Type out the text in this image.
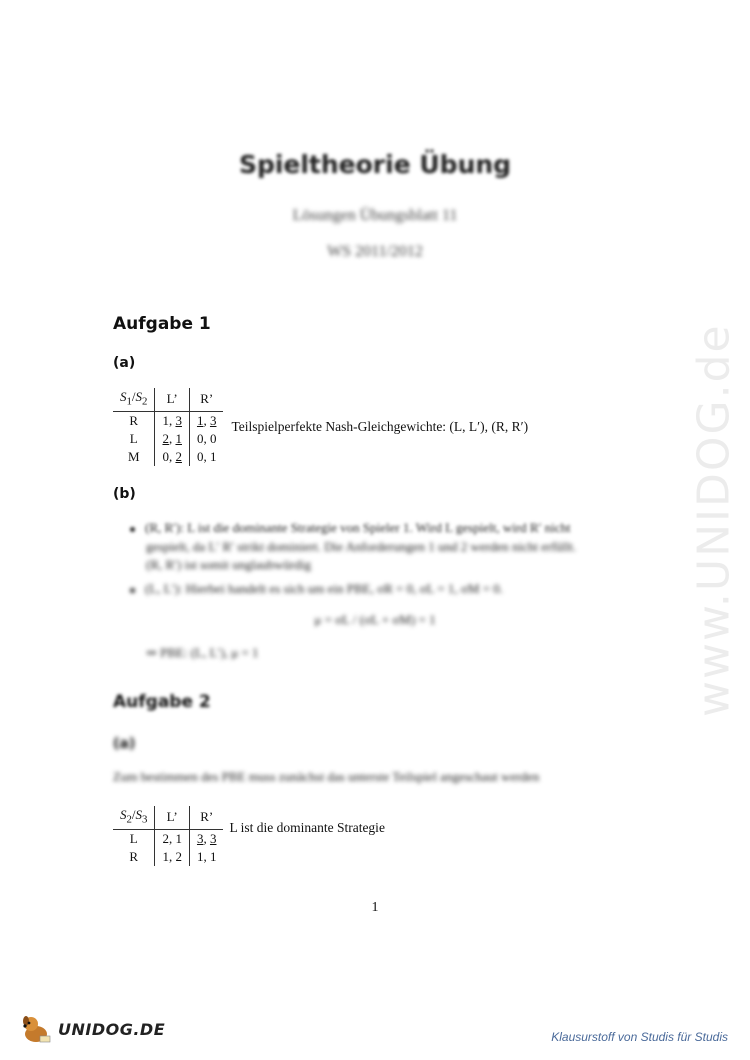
www.UNIDOG.de
Spieltheorie Übung
Lösungen Übungsblatt 11
WS 2011/2012
Aufgabe 1
(a)
$S_1/S_2$	L’	R’
R	1, 3	1, 3
L	2, 1	0, 0
M	0, 2	0, 1
Teilspielperfekte Nash-Gleichgewichte: (L, L′), (R, R′)
(b)
(R, R′): L ist die dominante Strategie von Spieler 1. Wird L gespielt, wird R′ nicht
gespielt, da L′ R′ strikt dominiert. Die Anforderungen 1 und 2 werden nicht erfüllt.
(R, R′) ist somit unglaubwürdig
(L, L′): Hierbei handelt es sich um ein PBE, σR = 0, σL = 1, σM = 0.
μ = σL / (σL + σM) = 1
⇒ PBE: (L, L′), μ = 1
Aufgabe 2
(a)
Zum bestimmen des PBE muss zunächst das unterste Teilspiel angeschaut werden
$S_2/S_3$	L’	R’
L	2, 1	3, 3
R	1, 2	1, 1
L ist die dominante Strategie
1
UNIDOG.DE	Klausurstoff von Studis für Studis
